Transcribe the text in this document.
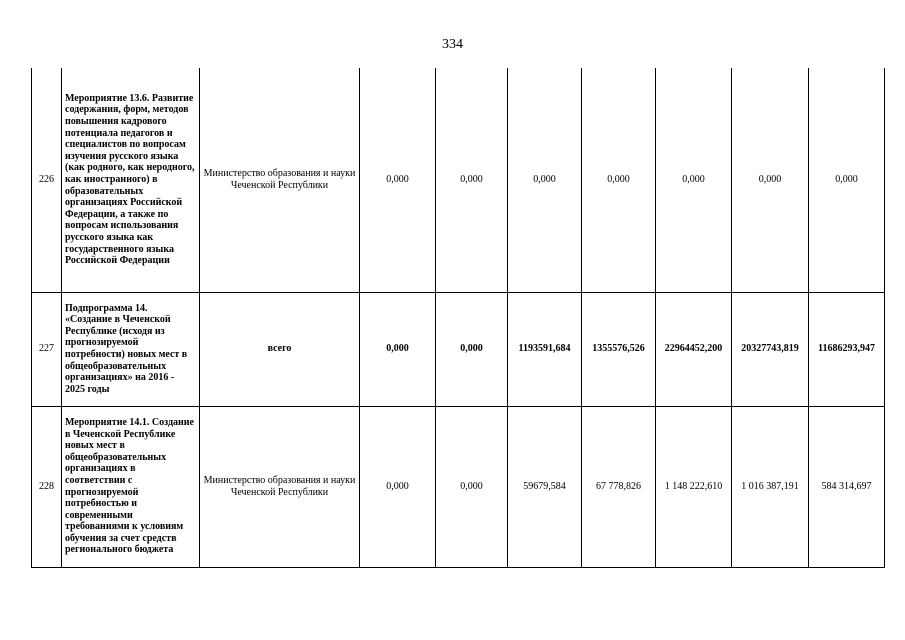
334
226	Мероприятие 13.6. Развитие содержания, форм, методов повышения кадрового потенциала педагогов и специалистов по вопросам изучения русского языка (как родного, как неродного, как иностранного) в образовательных организациях Российской Федерации, а также по вопросам использования русского языка как государственного языка Российской Федерации	Министерство образования и науки Чеченской Республики	0,000	0,000	0,000	0,000	0,000	0,000	0,000
227	Подпрограмма 14. «Создание в Чеченской Республике (исходя из прогнозируемой потребности) новых мест в общеобразовательных организациях» на 2016 - 2025 годы	всего	0,000	0,000	1193591,684	1355576,526	22964452,200	20327743,819	11686293,947
228	Мероприятие 14.1. Создание в Чеченской Республике новых мест в общеобразовательных организациях в соответствии с прогнозируемой потребностью и современными требованиями к условиям обучения за счет средств регионального бюджета	Министерство образования и науки Чеченской Республики	0,000	0,000	59679,584	67 778,826	1 148 222,610	1 016 387,191	584 314,697
